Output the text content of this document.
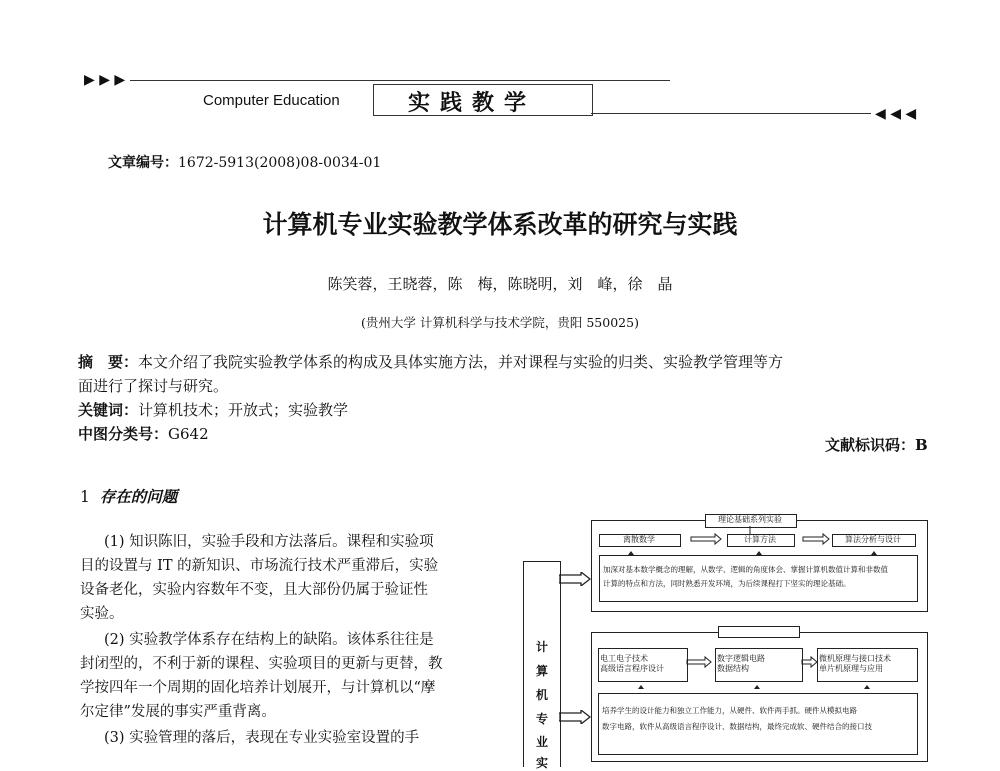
▶ ▶ ▶
Computer Education	实践教学	◀ ◀ ◀
文章编号：1672-5913(2008)08-0034-01
计算机专业实验教学体系改革的研究与实践
陈笑蓉，王晓蓉，陈　梅，陈晓明，刘　峰，徐　晶
(贵州大学 计算机科学与技术学院，贵阳 550025)
摘　要：本文介绍了我院实验教学体系的构成及具体实施方法，并对课程与实验的归类、实验教学管理等方
面进行了探讨与研究。
关键词：计算机技术；开放式；实验教学
中图分类号：G642
文献标识码：B
1 存在的问题
(1) 知识陈旧，实验手段和方法落后。课程和实验项
目的设置与 IT 的新知识、市场流行技术严重滞后，实验
设备老化，实验内容数年不变，且大部份仍属于验证性
实验。
(2) 实验教学体系存在结构上的缺陷。该体系往往是
封闭型的，不利于新的课程、实验项目的更新与更替，教
学按四年一个周期的固化培养计划展开，与计算机以“摩
尔定律”发展的事实严重背离。
(3) 实验管理的落后，表现在专业实验室设置的手
计
算
机
专
业
实
理论基础系列实验
离散数学	计算方法	算法分析与设计
加深对基本数学概念的理解，从数学、逻辑的角度体会、掌握计算机数值计算和非数值
计算的特点和方法，同时熟悉开发环境，为后续课程打下坚实的理论基础。
电工电子技术
高级语言程序设计
数字逻辑电路
数据结构
微机原理与接口技术
单片机原理与应用
培养学生的设计能力和独立工作能力，从硬件、软件两手抓。硬件从模拟电路
数字电路，软件从高级语言程序设计、数据结构，最终完成软、硬件结合的接口技
